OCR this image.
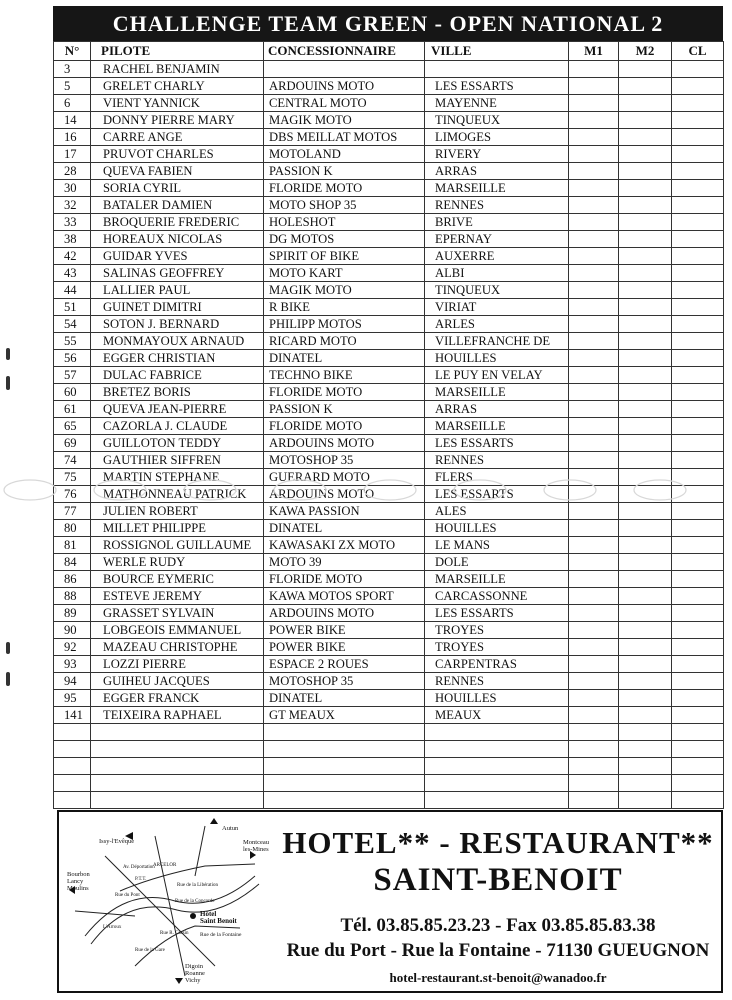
CHALLENGE TEAM GREEN - OPEN NATIONAL 2
N°	PILOTE	CONCESSIONNAIRE	VILLE	M1	M2	CL
3	RACHEL BENJAMIN					
5	GRELET CHARLY	ARDOUINS MOTO	LES ESSARTS			
6	VIENT YANNICK	CENTRAL MOTO	MAYENNE			
14	DONNY PIERRE MARY	MAGIK MOTO	TINQUEUX			
16	CARRE ANGE	DBS MEILLAT MOTOS	LIMOGES			
17	PRUVOT CHARLES	MOTOLAND	RIVERY			
28	QUEVA FABIEN	PASSION K	ARRAS			
30	SORIA CYRIL	FLORIDE MOTO	MARSEILLE			
32	BATALER DAMIEN	MOTO SHOP 35	RENNES			
33	BROQUERIE FREDERIC	HOLESHOT	BRIVE			
38	HOREAUX NICOLAS	DG MOTOS	EPERNAY			
42	GUIDAR YVES	SPIRIT OF BIKE	AUXERRE			
43	SALINAS GEOFFREY	MOTO KART	ALBI			
44	LALLIER PAUL	MAGIK MOTO	TINQUEUX			
51	GUINET DIMITRI	R BIKE	VIRIAT			
54	SOTON J. BERNARD	PHILIPP MOTOS	ARLES			
55	MONMAYOUX ARNAUD	RICARD MOTO	VILLEFRANCHE DE			
56	EGGER CHRISTIAN	DINATEL	HOUILLES			
57	DULAC FABRICE	TECHNO BIKE	LE PUY EN VELAY			
60	BRETEZ BORIS	FLORIDE MOTO	MARSEILLE			
61	QUEVA JEAN-PIERRE	PASSION K	ARRAS			
65	CAZORLA J. CLAUDE	FLORIDE MOTO	MARSEILLE			
69	GUILLOTON TEDDY	ARDOUINS MOTO	LES ESSARTS			
74	GAUTHIER SIFFREN	MOTOSHOP 35	RENNES			
75	MARTIN STEPHANE	GUERARD MOTO	FLERS			
76	MATHONNEAU PATRICK	ARDOUINS MOTO	LES ESSARTS			
77	JULIEN ROBERT	KAWA PASSION	ALES			
80	MILLET PHILIPPE	DINATEL	HOUILLES			
81	ROSSIGNOL GUILLAUME	KAWASAKI ZX MOTO	LE MANS			
84	WERLE RUDY	MOTO 39	DOLE			
86	BOURCE EYMERIC	FLORIDE MOTO	MARSEILLE			
88	ESTEVE JEREMY	KAWA MOTOS SPORT	CARCASSONNE			
89	GRASSET SYLVAIN	ARDOUINS MOTO	LES ESSARTS			
90	LOBGEOIS EMMANUEL	POWER BIKE	TROYES			
92	MAZEAU CHRISTOPHE	POWER BIKE	TROYES			
93	LOZZI PIERRE	ESPACE 2 ROUES	CARPENTRAS			
94	GUIHEU JACQUES	MOTOSHOP 35	RENNES			
95	EGGER FRANCK	DINATEL	HOUILLES			
141	TEIXEIRA RAPHAEL	GT MEAUX	MEAUX			

Issy-l'Evêque
Autun
Montceau les-Mines
Bourbon Lancy Moulins
Hôtel Saint Benoit
Rue de la Fontaine
Digoin Roanne Vichy
Av. Déportation
ARCELOR
P.T.T.
Rue du Pont
Rue de la Libération
L'Arroux
Rue de la Gare
Rue R. Cassin
Rue de la Concorde
HOTEL** - RESTAURANT**
SAINT-BENOIT
Tél. 03.85.85.23.23 - Fax 03.85.85.83.38
Rue du Port - Rue la Fontaine - 71130 GUEUGNON
hotel-restaurant.st-benoit@wanadoo.fr
